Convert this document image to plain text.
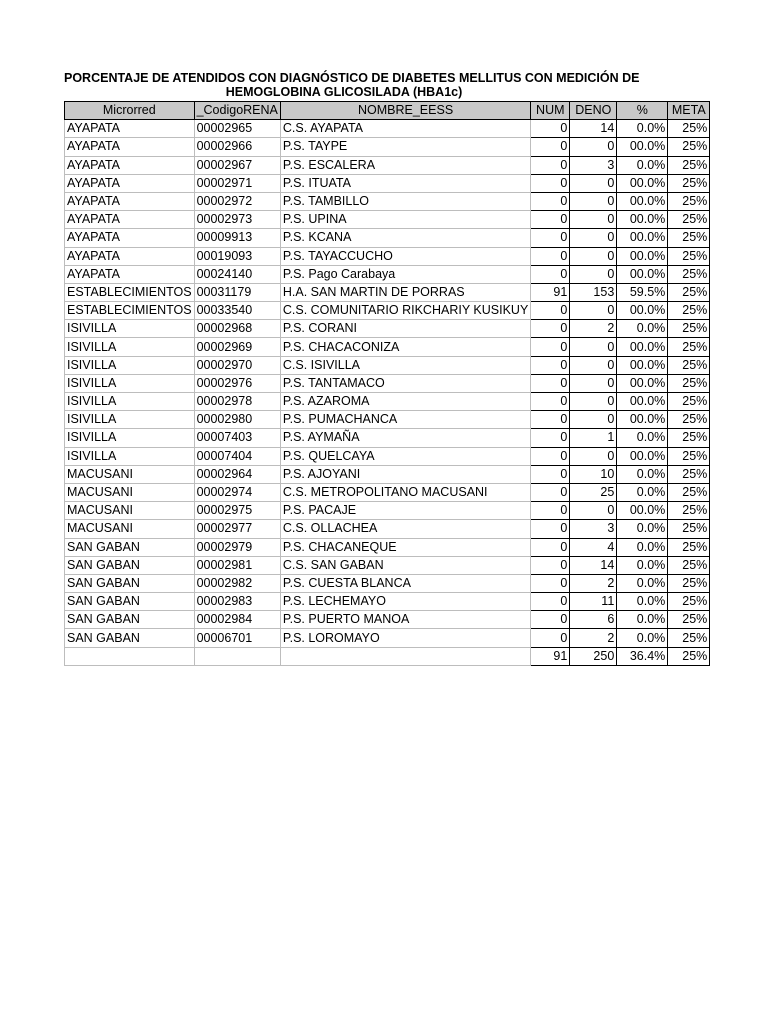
PORCENTAJE DE ATENDIDOS CON DIAGNÓSTICO DE DIABETES MELLITUS CON MEDICIÓN DE
HEMOGLOBINA GLICOSILADA (HBA1c)
Microrred	_CodigoRENA	NOMBRE_EESS	NUM	DENO	%	META
AYAPATA	00002965	C.S. AYAPATA	0	14	0.0%	25%
AYAPATA	00002966	P.S. TAYPE	0	0	00.0%	25%
AYAPATA	00002967	P.S. ESCALERA	0	3	0.0%	25%
AYAPATA	00002971	P.S. ITUATA	0	0	00.0%	25%
AYAPATA	00002972	P.S. TAMBILLO	0	0	00.0%	25%
AYAPATA	00002973	P.S. UPINA	0	0	00.0%	25%
AYAPATA	00009913	P.S. KCANA	0	0	00.0%	25%
AYAPATA	00019093	P.S. TAYACCUCHO	0	0	00.0%	25%
AYAPATA	00024140	P.S. Pago Carabaya	0	0	00.0%	25%
ESTABLECIMIENTOS	00031179	H.A. SAN MARTIN DE PORRAS	91	153	59.5%	25%
ESTABLECIMIENTOS	00033540	C.S. COMUNITARIO RIKCHARIY KUSIKUY	0	0	00.0%	25%
ISIVILLA	00002968	P.S. CORANI	0	2	0.0%	25%
ISIVILLA	00002969	P.S. CHACACONIZA	0	0	00.0%	25%
ISIVILLA	00002970	C.S. ISIVILLA	0	0	00.0%	25%
ISIVILLA	00002976	P.S. TANTAMACO	0	0	00.0%	25%
ISIVILLA	00002978	P.S. AZAROMA	0	0	00.0%	25%
ISIVILLA	00002980	P.S. PUMACHANCA	0	0	00.0%	25%
ISIVILLA	00007403	P.S. AYMAÑA	0	1	0.0%	25%
ISIVILLA	00007404	P.S. QUELCAYA	0	0	00.0%	25%
MACUSANI	00002964	P.S. AJOYANI	0	10	0.0%	25%
MACUSANI	00002974	C.S. METROPOLITANO MACUSANI	0	25	0.0%	25%
MACUSANI	00002975	P.S. PACAJE	0	0	00.0%	25%
MACUSANI	00002977	C.S. OLLACHEA	0	3	0.0%	25%
SAN GABAN	00002979	P.S. CHACANEQUE	0	4	0.0%	25%
SAN GABAN	00002981	C.S. SAN GABAN	0	14	0.0%	25%
SAN GABAN	00002982	P.S. CUESTA BLANCA	0	2	0.0%	25%
SAN GABAN	00002983	P.S. LECHEMAYO	0	11	0.0%	25%
SAN GABAN	00002984	P.S. PUERTO MANOA	0	6	0.0%	25%
SAN GABAN	00006701	P.S. LOROMAYO	0	2	0.0%	25%
			91	250	36.4%	25%
